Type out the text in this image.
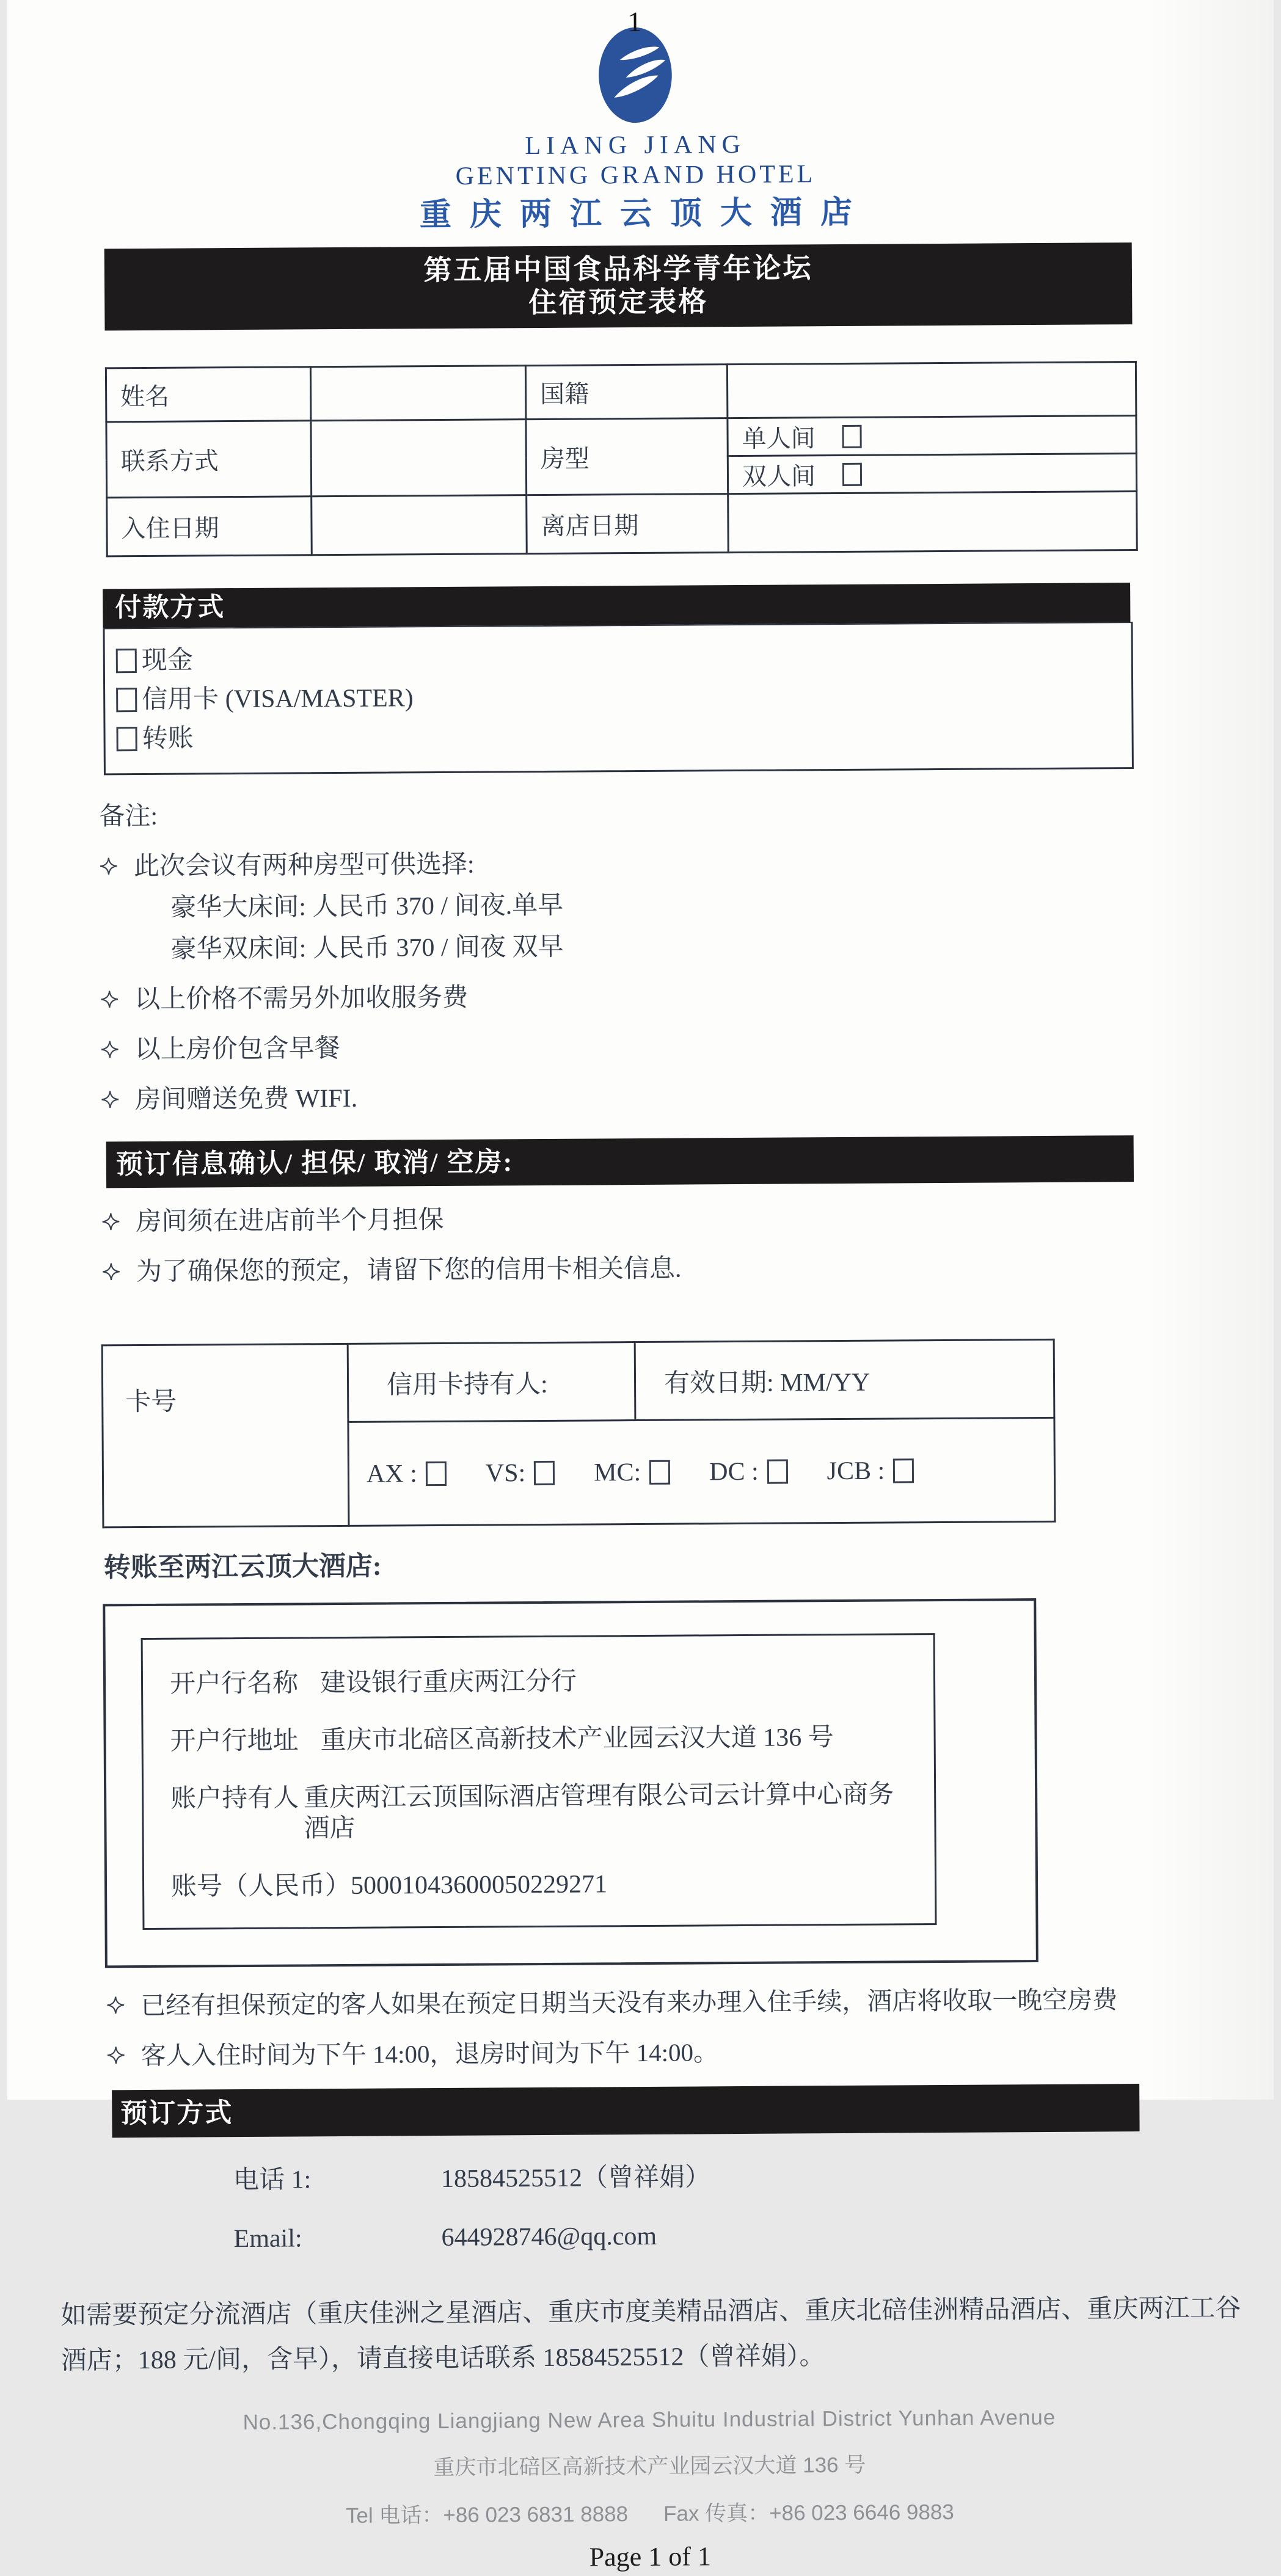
1
LIANG JIANG
GENTING GRAND HOTEL
重庆两江云顶大酒店
第五届中国食品科学青年论坛
住宿预定表格
姓名		国籍	
联系方式		房型	单人间

			双人间

入住日期		离店日期	
付款方式
现金
信用卡 (VISA/MASTER)
转账
备注:
此次会议有两种房型可供选择:
豪华大床间: 人民币 370 / 间夜.单早
豪华双床间: 人民币 370 / 间夜 双早
以上价格不需另外加收服务费
以上房价包含早餐
房间赠送免费 WIFI.
预订信息确认/ 担保/ 取消/ 空房:
房间须在进店前半个月担保
为了确保您的预定，请留下您的信用卡相关信息.
卡号	信用卡持有人:	有效日期: MM/YY

AX :	VS:	MC:	DC :	JCB :
转账至两江云顶大酒店:
开户行名称 建设银行重庆两江分行
开户行地址 重庆市北碚区高新技术产业园云汉大道 136 号
账户持有人 重庆两江云顶国际酒店管理有限公司云计算中心商务酒店
账号（人民币） 50001043600050229271
已经有担保预定的客人如果在预定日期当天没有来办理入住手续，酒店将收取一晚空房费
客人入住时间为下午 14:00，退房时间为下午 14:00。
预订方式
电话 1:	18584525512（曾祥娟）
Email:	644928746@qq.com

如需要预定分流酒店（重庆佳洲之星酒店、重庆市度美精品酒店、重庆北碚佳洲精品酒店、重庆两江工谷酒店；188 元/间，含早），请直接电话联系 18584525512（曾祥娟）。

No.136,Chongqing Liangjiang New Area Shuitu Industrial District Yunhan Avenue
重庆市北碚区高新技术产业园云汉大道 136 号
Tel 电话：+86 023 6831 8888 Fax 传真：+86 023 6646 9883
Page 1 of 1
